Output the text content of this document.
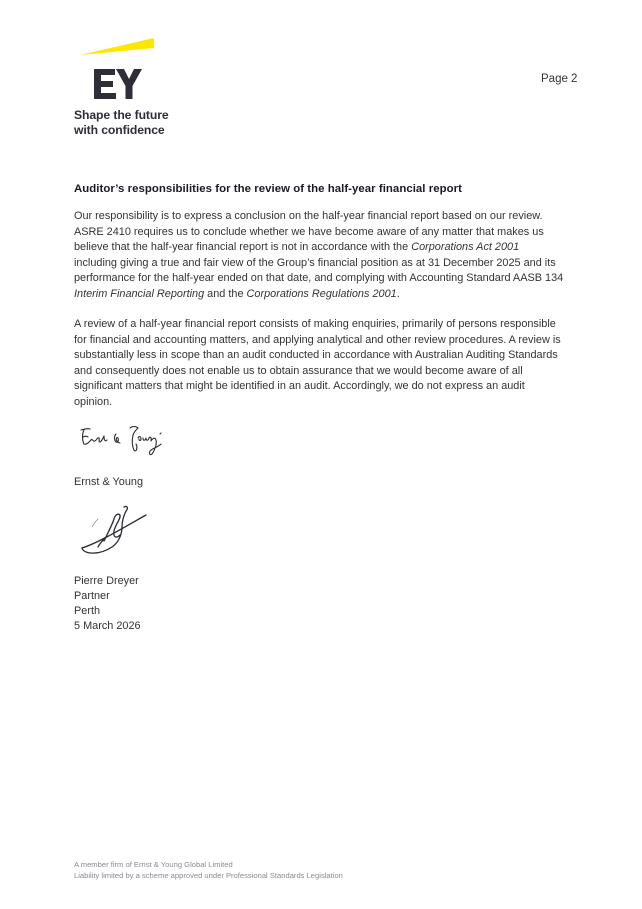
Shape the future
with confidence
Page 2
Auditor’s responsibilities for the review of the half-year financial report
Our responsibility is to express a conclusion on the half-year financial report based on our review.
ASRE 2410 requires us to conclude whether we have become aware of any matter that makes us
believe that the half-year financial report is not in accordance with the Corporations Act 2001
including giving a true and fair view of the Group’s financial position as at 31 December 2025 and its
performance for the half-year ended on that date, and complying with Accounting Standard AASB 134
Interim Financial Reporting and the Corporations Regulations 2001.
A review of a half-year financial report consists of making enquiries, primarily of persons responsible
for financial and accounting matters, and applying analytical and other review procedures. A review is
substantially less in scope than an audit conducted in accordance with Australian Auditing Standards
and consequently does not enable us to obtain assurance that we would become aware of all
significant matters that might be identified in an audit. Accordingly, we do not express an audit
opinion.
Ernst & Young
Pierre Dreyer
Partner
Perth
5 March 2026
A member firm of Ernst & Young Global Limited
Liability limited by a scheme approved under Professional Standards Legislation
